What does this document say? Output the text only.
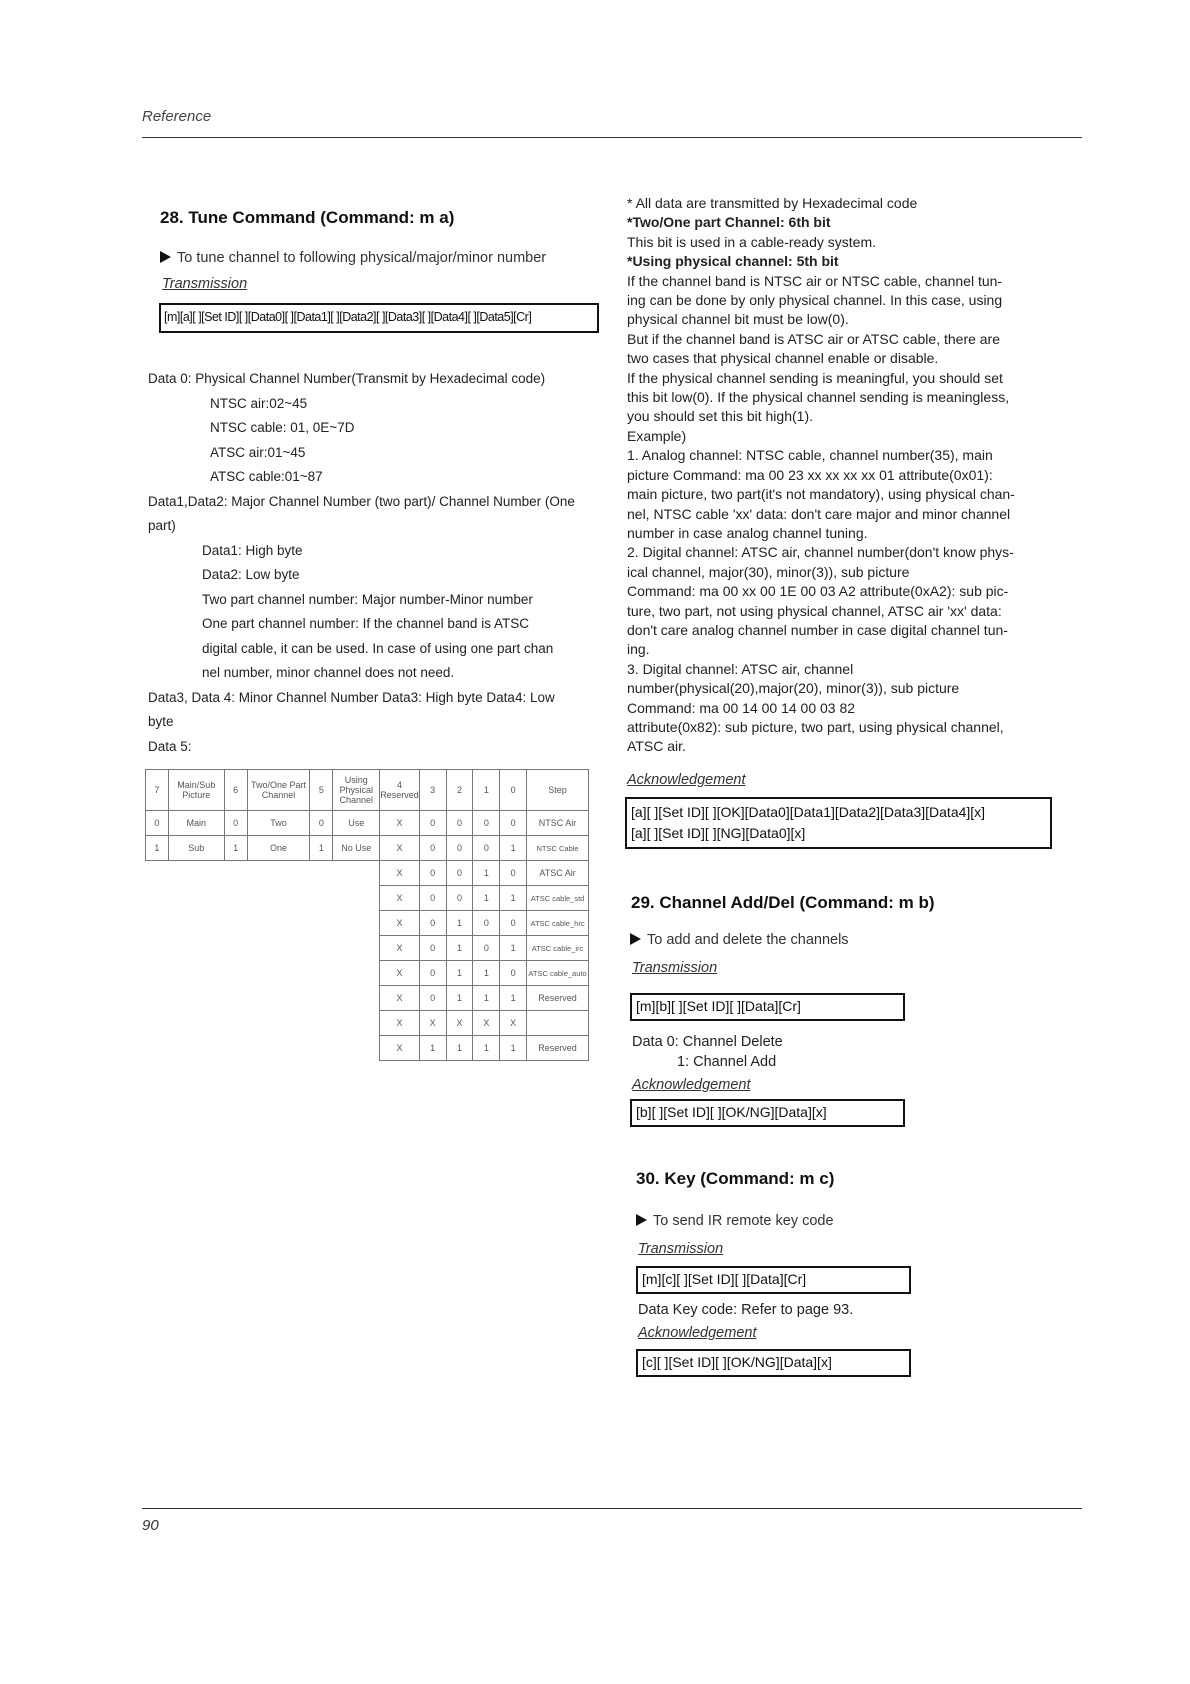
Reference
28. Tune Command (Command: m a)
To tune channel to following physical/major/minor number
Transmission
[m][a][ ][Set ID][ ][Data0][ ][Data1][ ][Data2][ ][Data3][ ][Data4][ ][Data5][Cr]
Data 0: Physical Channel Number(Transmit by Hexadecimal code)
NTSC air:02~45
NTSC cable: 01, 0E~7D
ATSC air:01~45
ATSC cable:01~87
Data1,Data2: Major Channel Number (two part)/ Channel Number (One
part)
Data1: High byte
Data2: Low byte
Two part channel number: Major number-Minor number
One part channel number: If the channel band is ATSC
digital cable, it can be used. In case of using one part chan
nel number, minor channel does not need.
Data3, Data 4: Minor Channel Number Data3: High byte Data4: Low
byte
Data 5:
7	Main/Sub Picture	6	Two/One Part Channel	5	Using Physical Channel	4 Reserved	3	2	1	0	Step
0	Main	0	Two	0	Use	X	0	0	0	0	NTSC Air
1	Sub	1	One	1	No Use	X	0	0	0	1	NTSC Cable
						X	0	0	1	0	ATSC Air
						X	0	0	1	1	ATSC cable_std
						X	0	1	0	0	ATSC cable_hrc
						X	0	1	0	1	ATSC cable_irc
						X	0	1	1	0	ATSC cable_auto
						X	0	1	1	1	Reserved
						X	X	X	X	X	
						X	1	1	1	1	Reserved

* All data are transmitted by Hexadecimal code

*Two/One part Channel: 6th bit

This bit is used in a cable-ready system.

*Using physical channel: 5th bit

If the channel band is NTSC air or NTSC cable, channel tun-

ing can be done by only physical channel. In this case, using

physical channel bit must be low(0).

But if the channel band is ATSC air or ATSC cable, there are

two cases that physical channel enable or disable.

If the physical channel sending is meaningful, you should set

this bit low(0). If the physical channel sending is meaningless,

you should set this bit high(1).

Example)

1. Analog channel: NTSC cable, channel number(35), main

picture Command: ma 00 23 xx xx xx xx 01 attribute(0x01):

main picture, two part(it's not mandatory), using physical chan-

nel, NTSC cable 'xx' data: don't care major and minor channel

number in case analog channel tuning.

2. Digital channel: ATSC air, channel number(don't know phys-

ical channel, major(30), minor(3)), sub picture

Command: ma 00 xx 00 1E 00 03 A2 attribute(0xA2): sub pic-

ture, two part, not using physical channel, ATSC air 'xx' data:

don't care analog channel number in case digital channel tun-

ing.

3. Digital channel: ATSC air, channel

number(physical(20),major(20), minor(3)), sub picture

Command: ma 00 14 00 14 00 03 82

attribute(0x82): sub picture, two part, using physical channel,

ATSC air.

Acknowledgement
[a][ ][Set ID][ ][OK][Data0][Data1][Data2][Data3][Data4][x]
[a][ ][Set ID][ ][NG][Data0][x]
29. Channel Add/Del (Command: m b)
To add and delete the channels
Transmission
[m][b][ ][Set ID][ ][Data][Cr]
Data 0: Channel Delete
1: Channel Add
Acknowledgement
[b][ ][Set ID][ ][OK/NG][Data][x]
30. Key (Command: m c)
To send IR remote key code
Transmission
[m][c][ ][Set ID][ ][Data][Cr]
Data Key code: Refer to page 93.
Acknowledgement
[c][ ][Set ID][ ][OK/NG][Data][x]
90
